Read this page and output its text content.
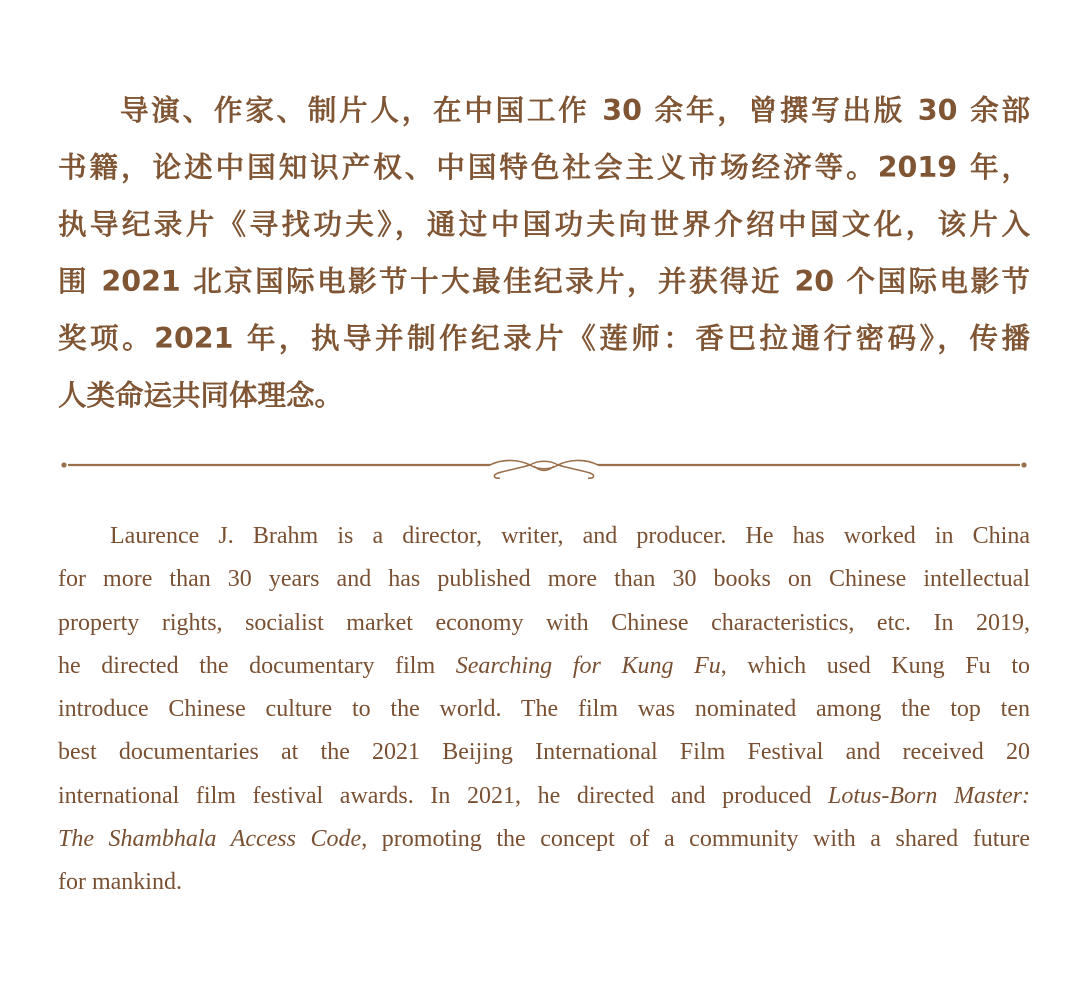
导演、作家、制片人，在中国工作 30 余年，曾撰写出版 30 余部
书籍，论述中国知识产权、中国特色社会主义市场经济等。2019 年，
执导纪录片《寻找功夫》，通过中国功夫向世界介绍中国文化，该片入
围 2021 北京国际电影节十大最佳纪录片，并获得近 20 个国际电影节
奖项。2021 年，执导并制作纪录片《莲师：香巴拉通行密码》，传播
人类命运共同体理念。
Laurence J. Brahm is a director, writer, and producer. He has worked in China
for more than 30 years and has published more than 30 books on Chinese intellectual
property rights, socialist market economy with Chinese characteristics, etc. In 2019,
he directed the documentary film Searching for Kung Fu, which used Kung Fu to
introduce Chinese culture to the world. The film was nominated among the top ten
best documentaries at the 2021 Beijing International Film Festival and received 20
international film festival awards. In 2021, he directed and produced Lotus-Born Master:
The Shambhala Access Code, promoting the concept of a community with a shared future
for mankind.
